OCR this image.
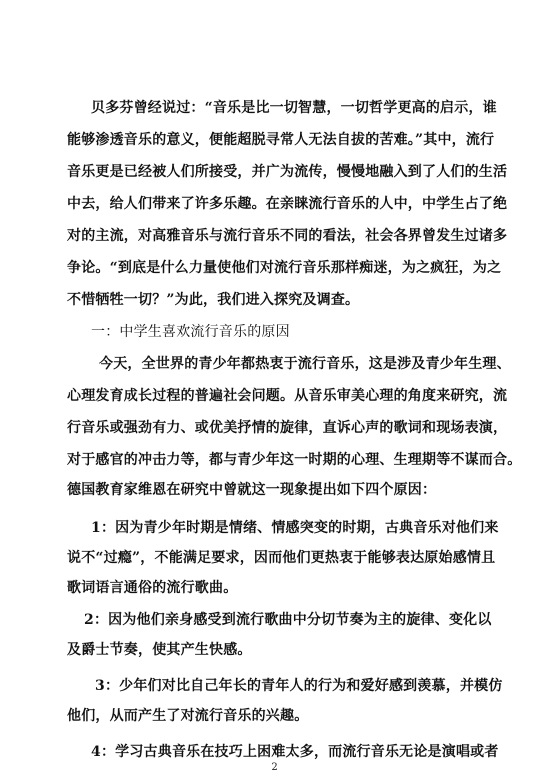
贝多芬曾经说过：“音乐是比一切智慧，一切哲学更高的启示，谁
能够渗透音乐的意义，便能超脱寻常人无法自拔的苦难。”其中，流行
音乐更是已经被人们所接受，并广为流传，慢慢地融入到了人们的生活
中去，给人们带来了许多乐趣。在亲睐流行音乐的人中，中学生占了绝
对的主流，对高雅音乐与流行音乐不同的看法，社会各界曾发生过诸多
争论。“到底是什么力量使他们对流行音乐那样痴迷，为之疯狂，为之
不惜牺牲一切？”为此，我们进入探究及调查。
一：中学生喜欢流行音乐的原因
今天，全世界的青少年都热衷于流行音乐，这是涉及青少年生理、
心理发育成长过程的普遍社会问题。从音乐审美心理的角度来研究，流
行音乐或强劲有力、或优美抒情的旋律，直诉心声的歌词和现场表演，
对于感官的冲击力等，都与青少年这一时期的心理、生理期等不谋而合。
德国教育家维恩在研究中曾就这一现象提出如下四个原因：
1：因为青少年时期是情绪、情感突变的时期，古典音乐对他们来
说不“过瘾”，不能满足要求，因而他们更热衷于能够表达原始感情且
歌词语言通俗的流行歌曲。
2：因为他们亲身感受到流行歌曲中分切节奏为主的旋律、变化以
及爵士节奏，使其产生快感。
3：少年们对比自己年长的青年人的行为和爱好感到羡慕，并模仿
他们，从而产生了对流行音乐的兴趣。
4：学习古典音乐在技巧上困难太多，而流行音乐无论是演唱或者
2
